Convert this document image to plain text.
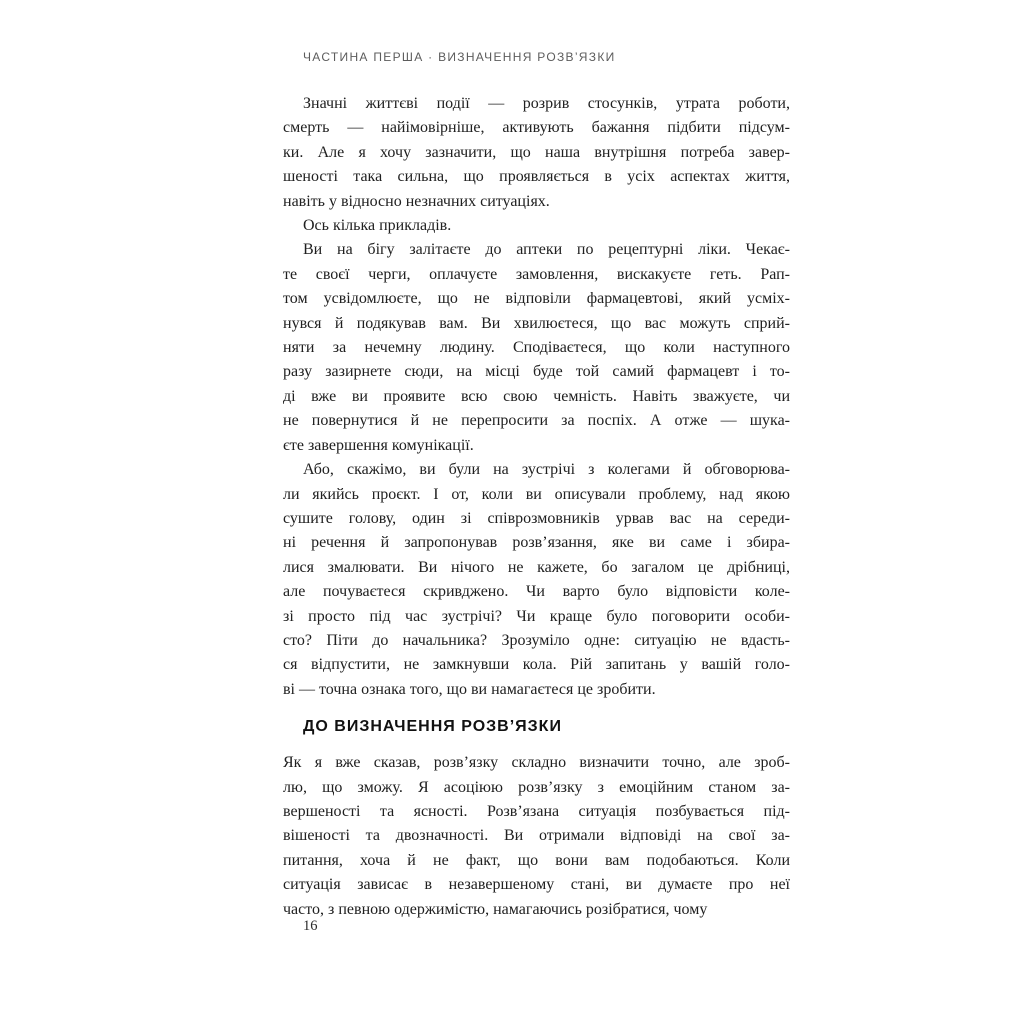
ЧАСТИНА ПЕРША · ВИЗНАЧЕННЯ РОЗВ’ЯЗКИ
Значні життєві події — розрив стосунків, утрата роботи,
смерть — найімовірніше, активують бажання підбити підсум-
ки. Але я хочу зазначити, що наша внутрішня потреба завер-
шеності така сильна, що проявляється в усіх аспектах життя,
навіть у відносно незначних ситуаціях.
Ось кілька прикладів.
Ви на бігу залітаєте до аптеки по рецептурні ліки. Чекає-
те своєї черги, оплачуєте замовлення, вискакуєте геть. Рап-
том усвідомлюєте, що не відповіли фармацевтові, який усміх-
нувся й подякував вам. Ви хвилюєтеся, що вас можуть сприй-
няти за нечемну людину. Сподіваєтеся, що коли наступного
разу зазирнете сюди, на місці буде той самий фармацевт і то-
ді вже ви проявите всю свою чемність. Навіть зважуєте, чи
не повернутися й не перепросити за поспіх. А отже — шука-
єте завершення комунікації.
Або, скажімо, ви були на зустрічі з колегами й обговорюва-
ли якийсь проєкт. І от, коли ви описували проблему, над якою
сушите голову, один зі співрозмовників урвав вас на середи-
ні речення й запропонував розв’язання, яке ви саме і збира-
лися змалювати. Ви нічого не кажете, бо загалом це дрібниці,
але почуваєтеся скривджено. Чи варто було відповісти коле-
зі просто під час зустрічі? Чи краще було поговорити особи-
сто? Піти до начальника? Зрозуміло одне: ситуацію не вдасть-
ся відпустити, не замкнувши кола. Рій запитань у вашій голо-
ві — точна ознака того, що ви намагаєтеся це зробити.
ДО ВИЗНАЧЕННЯ РОЗВ’ЯЗКИ
Як я вже сказав, розв’язку складно визначити точно, але зроб-
лю, що зможу. Я асоціюю розв’язку з емоційним станом за-
вершеності та ясності. Розв’язана ситуація позбувається під-
вішеності та двозначності. Ви отримали відповіді на свої за-
питання, хоча й не факт, що вони вам подобаються. Коли
ситуація зависає в незавершеному стані, ви думаєте про неї
часто, з певною одержимістю, намагаючись розібратися, чому
16
